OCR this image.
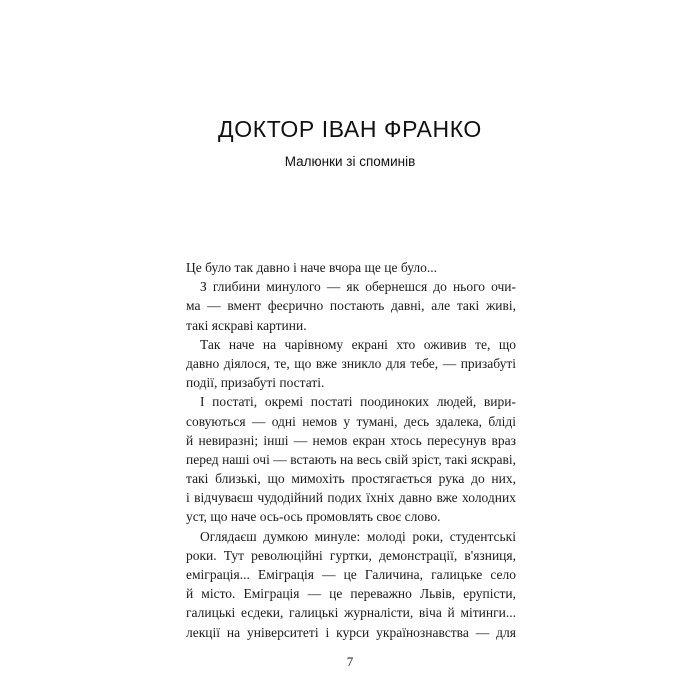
ДОКТОР ІВАН ФРАНКО
Малюнки зі споминів
Це було так давно і наче вчора ще це було...
З глибини минулого — як обернешся до нього очи-
ма — вмент феєрично постають давні, але такі живі,
такі яскраві картини.
Так наче на чарівному екрані хто оживив те, що
давно діялося, те, що вже зникло для тебе, — призабуті
події, призабуті постаті.
І постаті, окремі постаті поодиноких людей, вири-
совуються — одні немов у тумані, десь здалека, бліді
й невиразні; інші — немов екран хтось пересунув враз
перед наші очі — встають на весь свій зріст, такі яскраві,
такі близькі, що мимохіть простягається рука до них,
і відчуваєш чудодійний подих їхніх давно вже холодних
уст, що наче ось-ось промовлять своє слово.
Оглядаєш думкою минуле: молоді роки, студентські
роки. Тут революційні гуртки, демонстрації, в'язниця,
еміграція... Еміграція — це Галичина, галицьке село
й місто. Еміграція — це переважно Львів, ерупісти,
галицькі есдеки, галицькі журналісти, віча й мітинги...
лекції на університеті і курси українознавства — для
7
